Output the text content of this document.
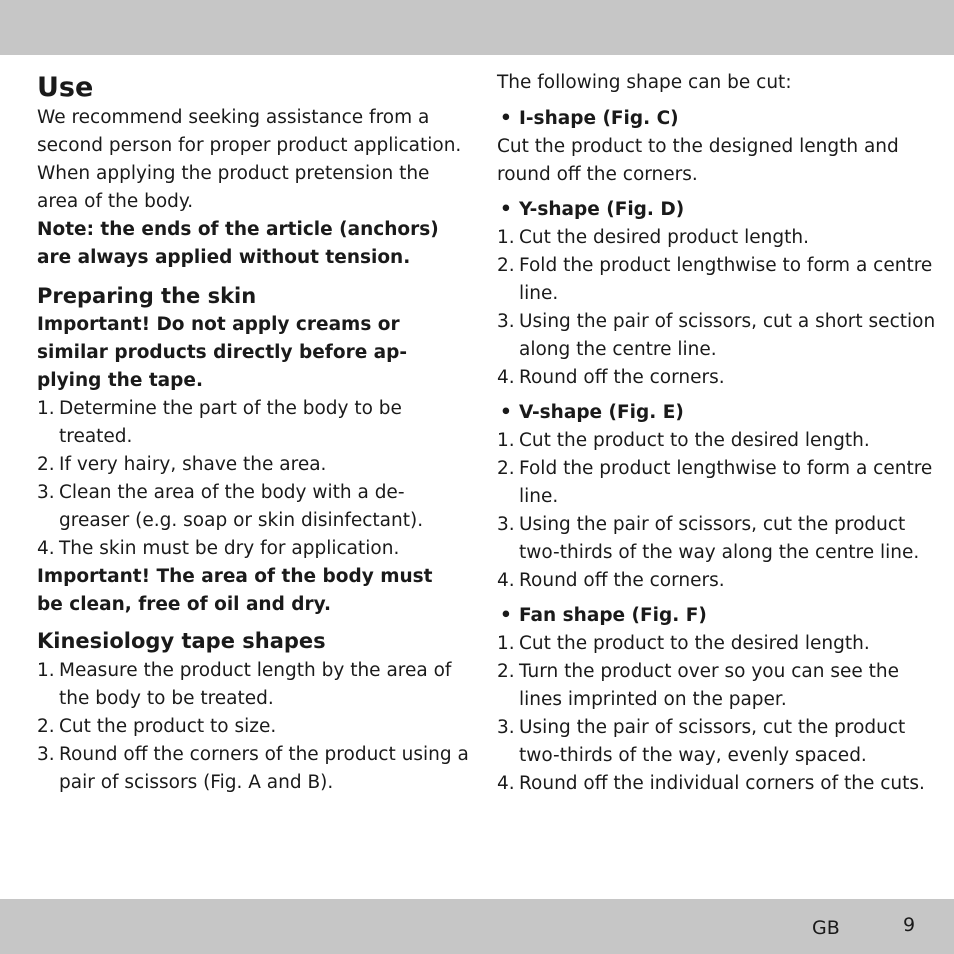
Use
We recommend seeking assistance from a
second person for proper product application.
When applying the product pretension the
area of the body.
Note: the ends of the article (anchors)
are always applied without tension.
Preparing the skin
Important! Do not apply creams or
similar products directly before ap-
plying the tape.
1. Determine the part of the body to be
treated.
2. If very hairy, shave the area.
3. Clean the area of the body with a de-
greaser (e.g. soap or skin disinfectant).
4. The skin must be dry for application.
Important! The area of the body must
be clean, free of oil and dry.
Kinesiology tape shapes
1. Measure the product length by the area of
the body to be treated.
2. Cut the product to size.
3. Round off the corners of the product using a
pair of scissors (Fig. A and B).
The following shape can be cut:
• I-shape (Fig. C)
Cut the product to the designed length and
round off the corners.
• Y-shape (Fig. D)
1. Cut the desired product length.
2. Fold the product lengthwise to form a centre
line.
3. Using the pair of scissors, cut a short section
along the centre line.
4. Round off the corners.
• V-shape (Fig. E)
1. Cut the product to the desired length.
2. Fold the product lengthwise to form a centre
line.
3. Using the pair of scissors, cut the product
two-thirds of the way along the centre line.
4. Round off the corners.
• Fan shape (Fig. F)
1. Cut the product to the desired length.
2. Turn the product over so you can see the
lines imprinted on the paper.
3. Using the pair of scissors, cut the product
two-thirds of the way, evenly spaced.
4. Round off the individual corners of the cuts.
GB	9
